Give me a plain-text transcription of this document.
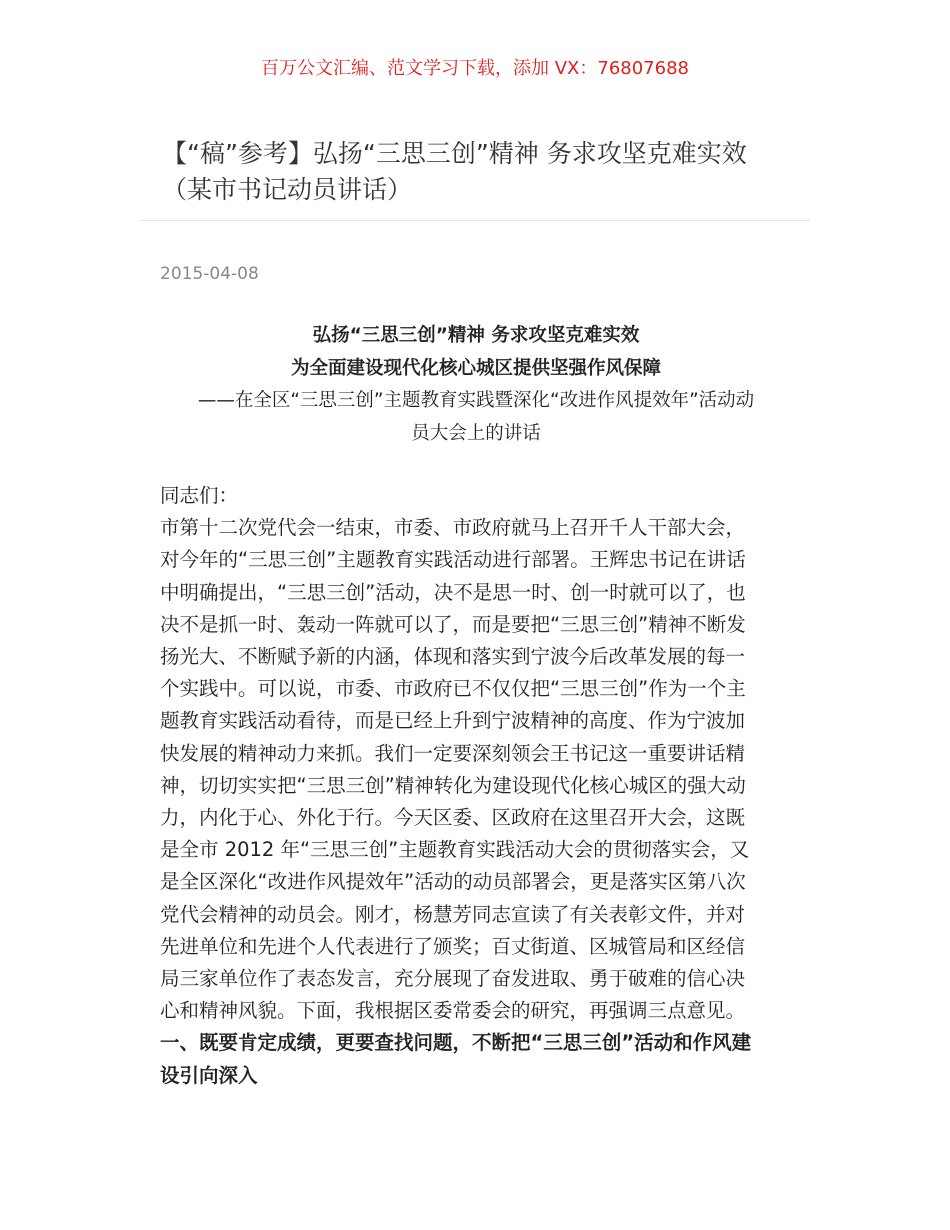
百万公文汇编、范文学习下载，添加 VX：76807688
【“稿”参考】弘扬“三思三创”精神 务求攻坚克难实效
（某市书记动员讲话）
2015-04-08
弘扬“三思三创”精神 务求攻坚克难实效
为全面建设现代化核心城区提供坚强作风保障
——在全区“三思三创”主题教育实践暨深化“改进作风提效年”活动动
员大会上的讲话
同志们：
市第十二次党代会一结束，市委、市政府就马上召开千人干部大会，
对今年的“三思三创”主题教育实践活动进行部署。王辉忠书记在讲话
中明确提出，“三思三创”活动，决不是思一时、创一时就可以了，也
决不是抓一时、轰动一阵就可以了，而是要把“三思三创”精神不断发
扬光大、不断赋予新的内涵，体现和落实到宁波今后改革发展的每一
个实践中。可以说，市委、市政府已不仅仅把“三思三创”作为一个主
题教育实践活动看待，而是已经上升到宁波精神的高度、作为宁波加
快发展的精神动力来抓。我们一定要深刻领会王书记这一重要讲话精
神，切切实实把“三思三创”精神转化为建设现代化核心城区的强大动
力，内化于心、外化于行。今天区委、区政府在这里召开大会，这既
是全市 2012 年“三思三创”主题教育实践活动大会的贯彻落实会，又
是全区深化“改进作风提效年”活动的动员部署会，更是落实区第八次
党代会精神的动员会。刚才，杨慧芳同志宣读了有关表彰文件，并对
先进单位和先进个人代表进行了颁奖；百丈街道、区城管局和区经信
局三家单位作了表态发言，充分展现了奋发进取、勇于破难的信心决
心和精神风貌。下面，我根据区委常委会的研究，再强调三点意见。
一、既要肯定成绩，更要查找问题，不断把“三思三创”活动和作风建
设引向深入
